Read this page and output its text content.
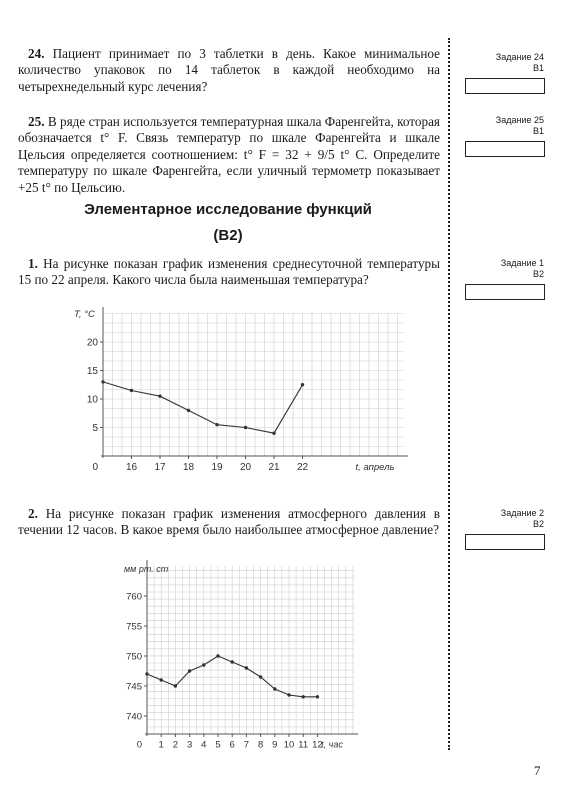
24. Пациент принимает по 3 таблетки в день. Какое минимальное количество упаковок по 14 таблеток в каждой необходимо на четырехнедельный курс лечения?
25. В ряде стран используется температурная шкала Фаренгейта, которая обозначается t° F. Связь температур по шкале Фаренгейта и шкале Цельсия определяется соотношением: t° F = 32 + 9/5 t° С. Определите температуру по шкале Фаренгейта, если уличный термометр показывает +25 t° по Цельсию.
Элементарное исследование функций
(В2)
1. На рисунке показан график изменения среднесуточной температуры 15 по 22 апреля. Какого числа была наименьшая температура?
5
10
15
20
16 17 18 19 20 21 22
0
T, °C
t, апрель
2. На рисунке показан график изменения атмосферного давления в течении 12 часов. В какое время было наибольшее атмосферное давление?
740
745
750
755
760
1 2 3 4 5 6 7 8 9 10 11 12
0
мм рт. ст
t, час
Задание 24
В1
Задание 25
В1
Задание 1
В2
Задание 2
В2
7
